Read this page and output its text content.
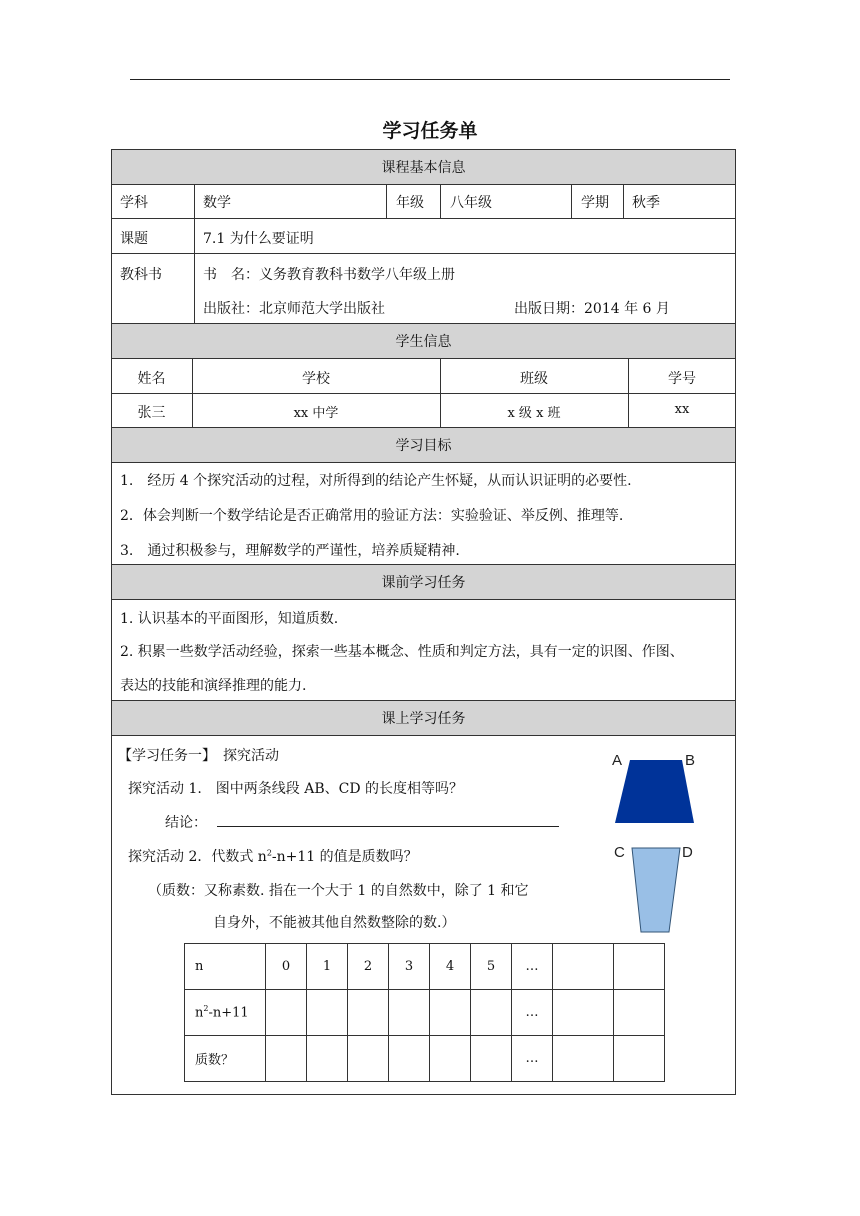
学习任务单
课程基本信息
学科	数学	年级 八年级	学期 秋季
课题	7.1 为什么要证明
教科书	书　名：义务教育教科书数学八年级上册
出版社：北京师范大学出版社	出版日期：2014 年 6 月
学生信息
姓名	学校	班级	学号
张三	xx 中学	x 级 x 班	xx
学习目标
1.　经历 4 个探究活动的过程，对所得到的结论产生怀疑，从而认识证明的必要性.
2．体会判断一个数学结论是否正确常用的验证方法：实验验证、举反例、推理等.
3.　通过积极参与，理解数学的严谨性，培养质疑精神.
课前学习任务
1. 认识基本的平面图形，知道质数.
2. 积累一些数学活动经验，探索一些基本概念、性质和判定方法，具有一定的识图、作图、
表达的技能和演绎推理的能力.
课上学习任务
【学习任务一】　探究活动
探究活动 1.　图中两条线段 AB、CD 的长度相等吗？
结论：
探究活动 2．代数式 $n^2-n+11$ 的值是质数吗？
（质数：又称素数. 指在一个大于 1 的自然数中，除了 1 和它
自身外，不能被其他自然数整除的数.）
A	B
C	D
n	0	1	2	3	4	5	…		
$n^2-n+11$							…		
质数？							…		
